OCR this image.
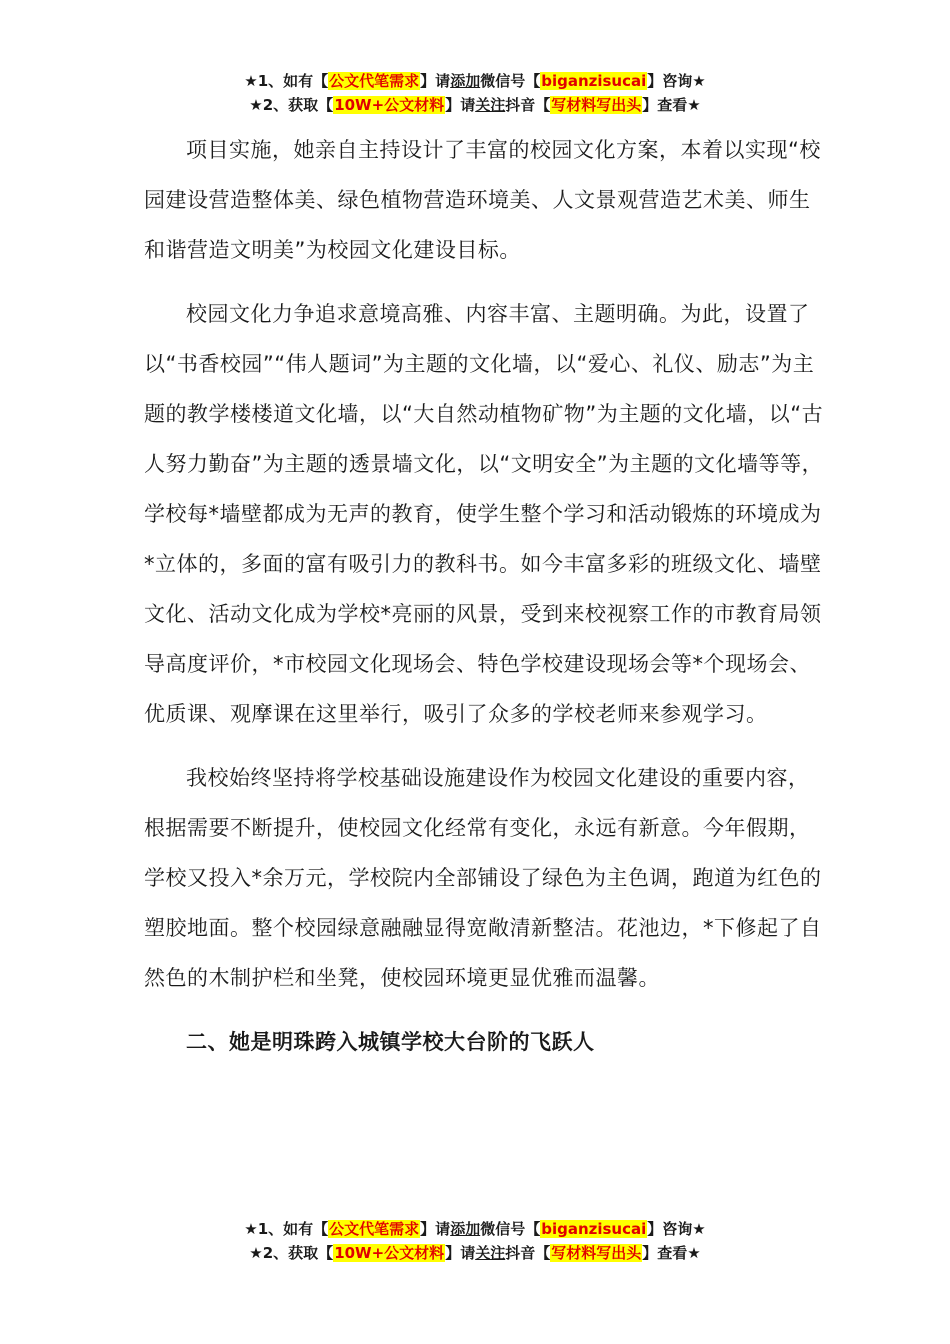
★1、如有【公文代笔需求】请添加微信号【biganzisucai】咨询★
★2、获取【10W+公文材料】请关注抖音【写材料写出头】查看★

项目实施，她亲自主持设计了丰富的校园文化方案，本着以实现“校园建设营造整体美、绿色植物营造环境美、人文景观营造艺术美、师生和谐营造文明美”为校园文化建设目标。

校园文化力争追求意境高雅、内容丰富、主题明确。为此，设置了以“书香校园”“伟人题词”为主题的文化墙，以“爱心、礼仪、励志”为主题的教学楼楼道文化墙，以“大自然动植物矿物”为主题的文化墙，以“古人努力勤奋”为主题的透景墙文化，以“文明安全”为主题的文化墙等等，学校每*墙壁都成为无声的教育，使学生整个学习和活动锻炼的环境成为*立体的，多面的富有吸引力的教科书。如今丰富多彩的班级文化、墙壁文化、活动文化成为学校*亮丽的风景，受到来校视察工作的市教育局领导高度评价，*市校园文化现场会、特色学校建设现场会等*个现场会、优质课、观摩课在这里举行，吸引了众多的学校老师来参观学习。

我校始终坚持将学校基础设施建设作为校园文化建设的重要内容，根据需要不断提升，使校园文化经常有变化，永远有新意。今年假期，学校又投入*余万元，学校院内全部铺设了绿色为主色调，跑道为红色的塑胶地面。整个校园绿意融融显得宽敞清新整洁。花池边，*下修起了自然色的木制护栏和坐凳，使校园环境更显优雅而温馨。

二、她是明珠跨入城镇学校大台阶的飞跃人
★1、如有【公文代笔需求】请添加微信号【biganzisucai】咨询★
★2、获取【10W+公文材料】请关注抖音【写材料写出头】查看★
